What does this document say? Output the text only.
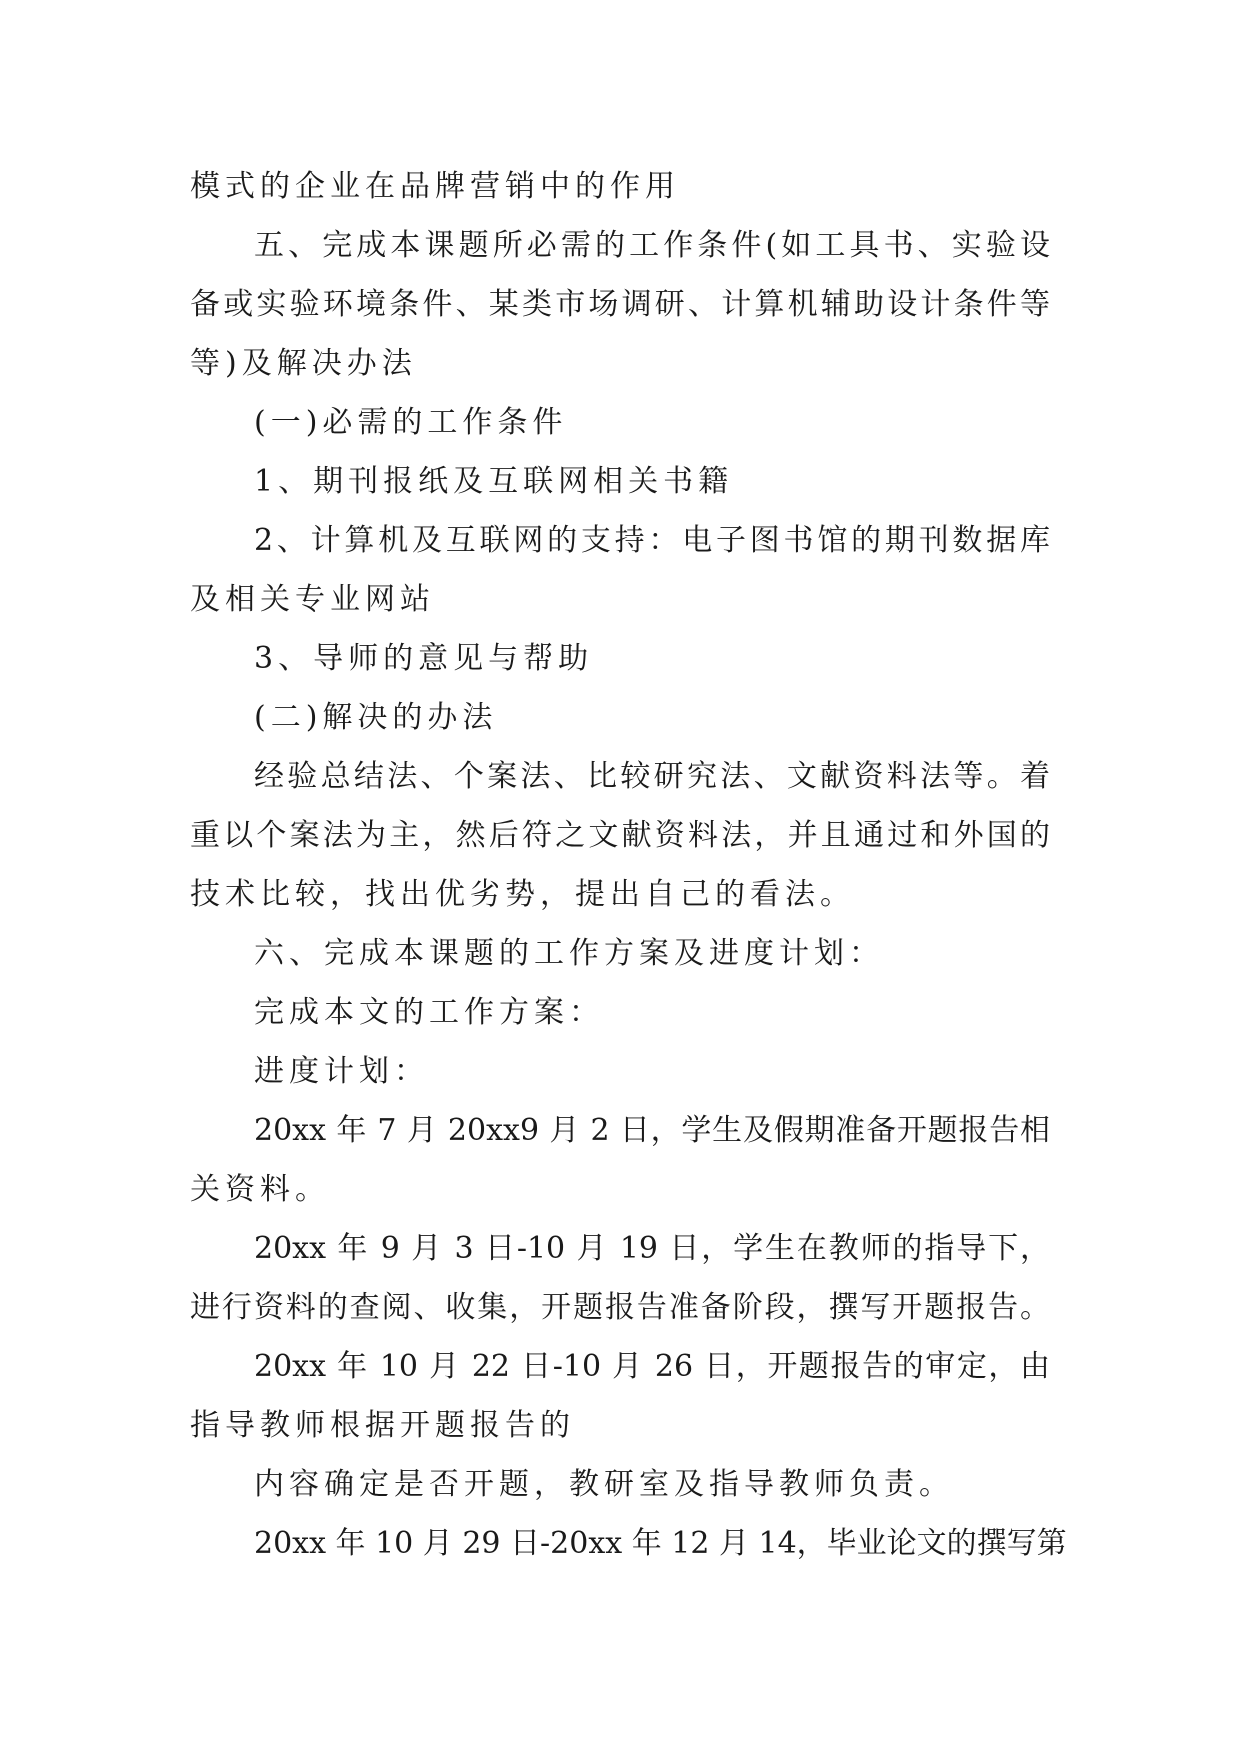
模式的企业在品牌营销中的作用
五、完成本课题所必需的工作条件(如工具书、实验设
备或实验环境条件、某类市场调研、计算机辅助设计条件等
等)及解决办法
(一)必需的工作条件
1、期刊报纸及互联网相关书籍
2、计算机及互联网的支持：电子图书馆的期刊数据库
及相关专业网站
3、导师的意见与帮助
(二)解决的办法
经验总结法、个案法、比较研究法、文献资料法等。着
重以个案法为主，然后符之文献资料法，并且通过和外国的
技术比较，找出优劣势，提出自己的看法。
六、完成本课题的工作方案及进度计划：
完成本文的工作方案：
进度计划：
20xx 年 7 月 20xx9 月 2 日，学生及假期准备开题报告相
关资料。
20xx 年 9 月 3 日-10 月 19 日，学生在教师的指导下，
进行资料的查阅、收集，开题报告准备阶段，撰写开题报告。
20xx 年 10 月 22 日-10 月 26 日，开题报告的审定，由
指导教师根据开题报告的
内容确定是否开题，教研室及指导教师负责。
20xx 年 10 月 29 日-20xx 年 12 月 14，毕业论文的撰写第
